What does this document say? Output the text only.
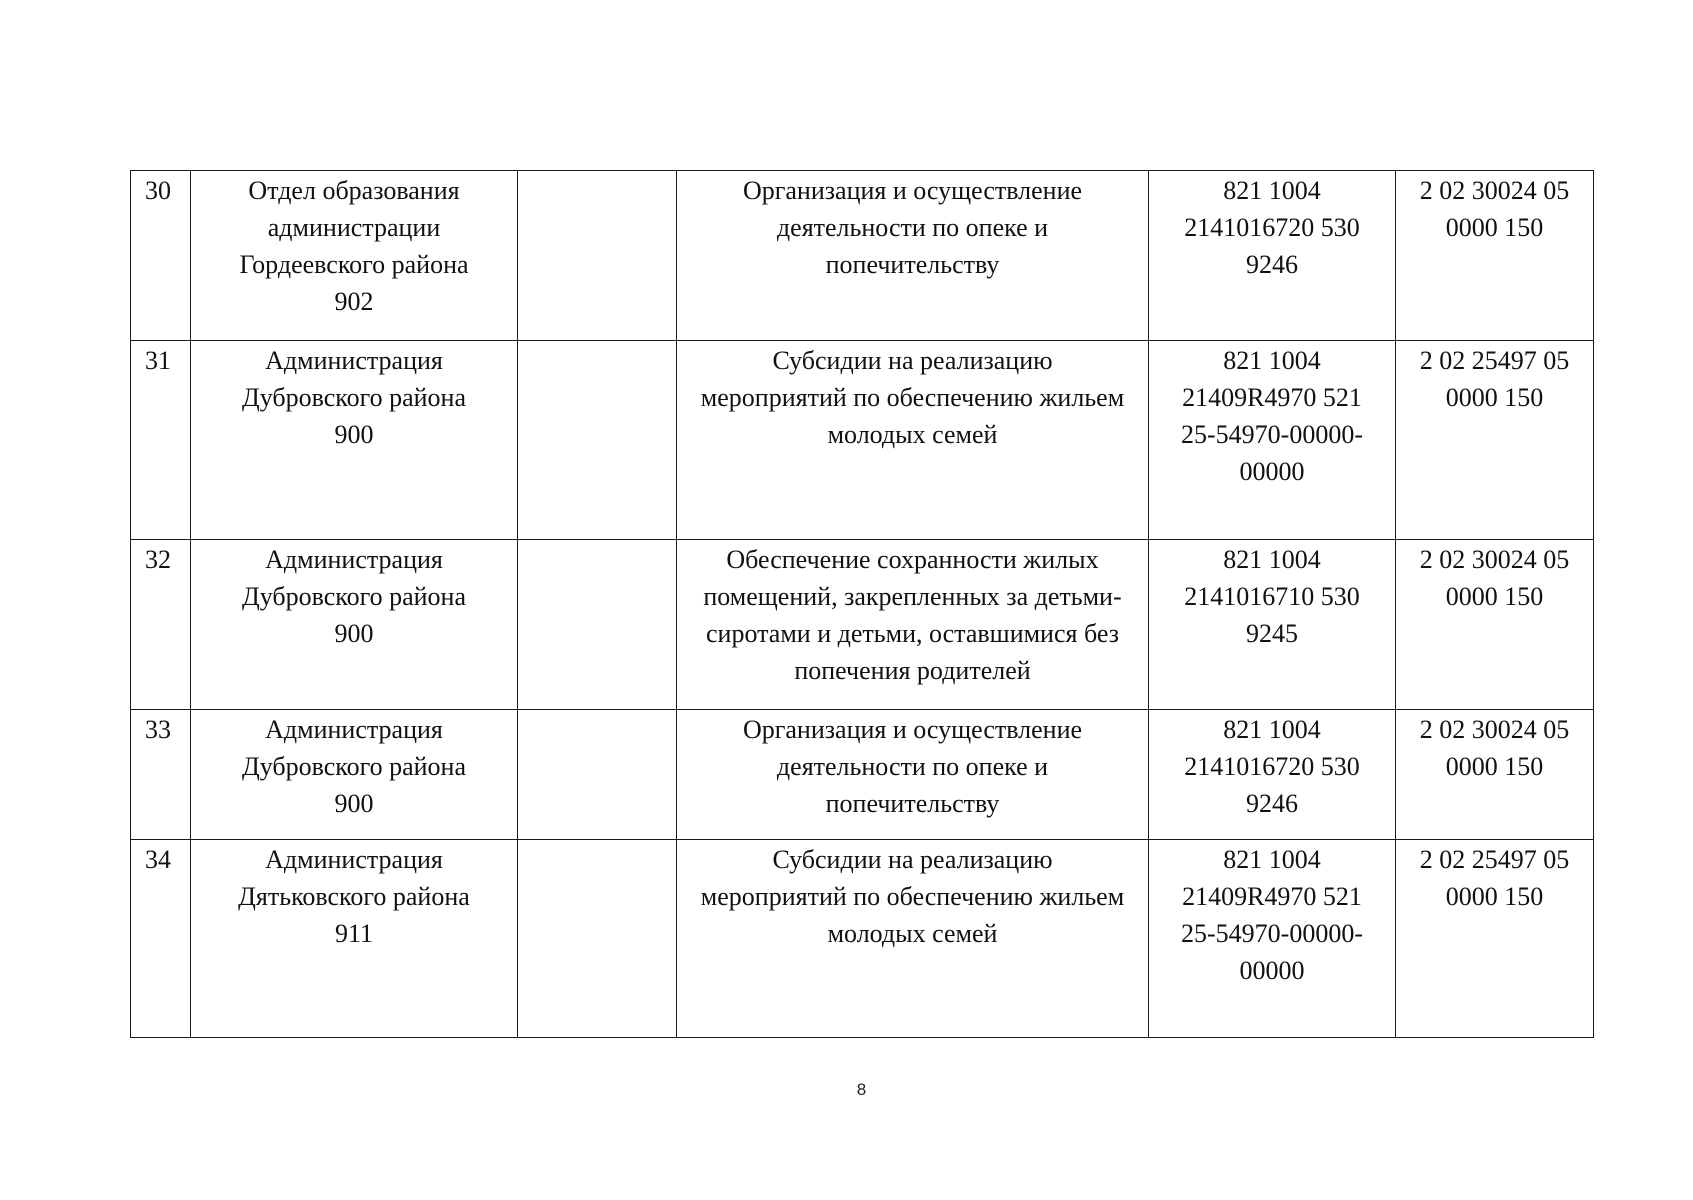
30	Отдел образования
администрации
Гордеевского района
902		Организация и осуществление
деятельности по опеке и
попечительству	821 1004
2141016720 530
9246	2 02 30024 05
0000 150

31	Администрация
Дубровского района
900		Субсидии на реализацию
мероприятий по обеспечению жильем
молодых семей	821 1004
21409R4970 521
25-54970-00000-
00000	2 02 25497 05
0000 150

32	Администрация
Дубровского района
900		Обеспечение сохранности жилых
помещений, закрепленных за детьми-
сиротами и детьми, оставшимися без
попечения родителей	821 1004
2141016710 530
9245	2 02 30024 05
0000 150

33	Администрация
Дубровского района
900		Организация и осуществление
деятельности по опеке и
попечительству	821 1004
2141016720 530
9246	2 02 30024 05
0000 150

34	Администрация
Дятьковского района
911		Субсидии на реализацию
мероприятий по обеспечению жильем
молодых семей	821 1004
21409R4970 521
25-54970-00000-
00000	2 02 25497 05
0000 150
8
